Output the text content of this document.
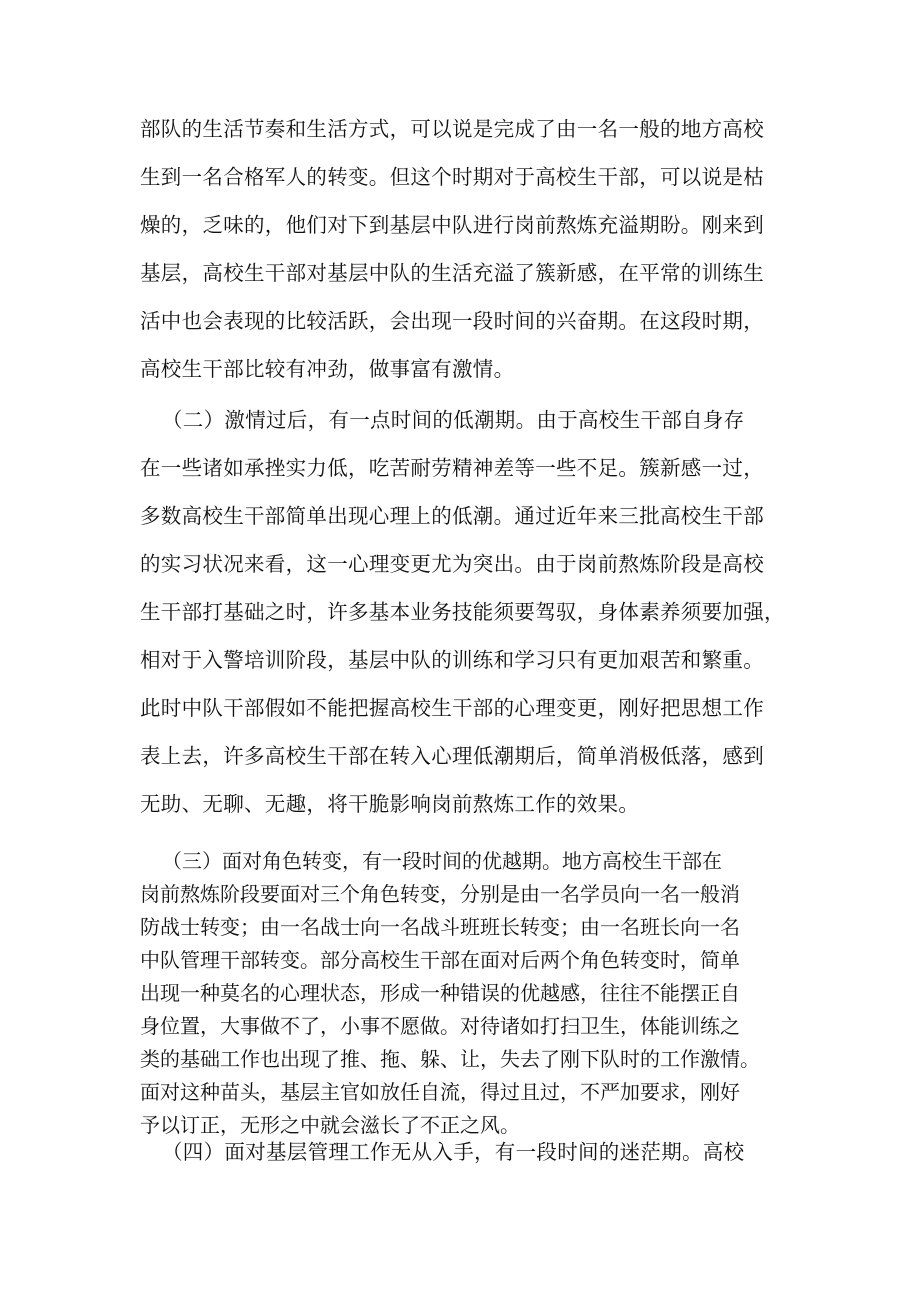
部队的生活节奏和生活方式，可以说是完成了由一名一般的地方高校
生到一名合格军人的转变。但这个时期对于高校生干部，可以说是枯
燥的，乏味的，他们对下到基层中队进行岗前熬炼充溢期盼。刚来到
基层，高校生干部对基层中队的生活充溢了簇新感，在平常的训练生
活中也会表现的比较活跃，会出现一段时间的兴奋期。在这段时期，
高校生干部比较有冲劲，做事富有激情。
（二）激情过后，有一点时间的低潮期。由于高校生干部自身存
在一些诸如承挫实力低，吃苦耐劳精神差等一些不足。簇新感一过，
多数高校生干部简单出现心理上的低潮。通过近年来三批高校生干部
的实习状况来看，这一心理变更尤为突出。由于岗前熬炼阶段是高校
生干部打基础之时，许多基本业务技能须要驾驭，身体素养须要加强，
相对于入警培训阶段，基层中队的训练和学习只有更加艰苦和繁重。
此时中队干部假如不能把握高校生干部的心理变更，刚好把思想工作
表上去，许多高校生干部在转入心理低潮期后，简单消极低落，感到
无助、无聊、无趣，将干脆影响岗前熬炼工作的效果。
（三）面对角色转变，有一段时间的优越期。地方高校生干部在
岗前熬炼阶段要面对三个角色转变，分别是由一名学员向一名一般消
防战士转变；由一名战士向一名战斗班班长转变；由一名班长向一名
中队管理干部转变。部分高校生干部在面对后两个角色转变时，简单
出现一种莫名的心理状态，形成一种错误的优越感，往往不能摆正自
身位置，大事做不了，小事不愿做。对待诸如打扫卫生，体能训练之
类的基础工作也出现了推、拖、躲、让，失去了刚下队时的工作激情。
面对这种苗头，基层主官如放任自流，得过且过，不严加要求，刚好
予以订正，无形之中就会滋长了不正之风。
（四）面对基层管理工作无从入手，有一段时间的迷茫期。高校
